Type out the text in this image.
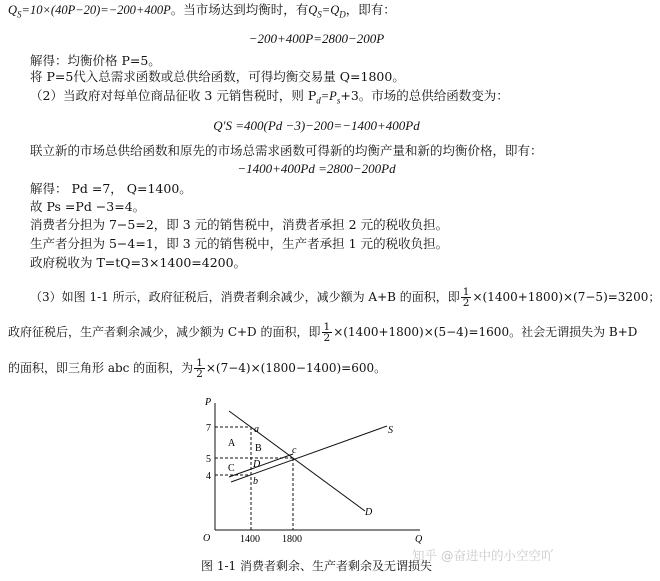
$Q_S=10\times(40P-20)=-200+400P$。当市场达到均衡时，有$Q_S=Q_D$，即有：
−200+400P=2800−200P
解得：均衡价格 P=5。
将 P=5代入总需求函数或总供给函数，可得均衡交易量 Q=1800。
（2）当政府对每单位商品征收 3 元销售税时，则 $P_d=P_s+3$。市场的总供给函数变为：
Q′S =400(Pd −3)−200=−1400+400Pd
联立新的市场总供给函数和原先的市场总需求函数可得新的均衡产量和新的均衡价格，即有：
−1400+400Pd =2800−200Pd
解得： Pd =7， Q=1400。
故 Ps =Pd −3=4。
消费者分担为 7−5=2，即 3 元的销售税中，消费者承担 2 元的税收负担。
生产者分担为 5−4=1，即 3 元的销售税中，生产者承担 1 元的税收负担。
政府税收为 T=tQ=3×1400=4200。
（3）如图 1-1 所示，政府征税后，消费者剩余减少，减少额为 A+B 的面积，即 $\frac{1}{2} \times(1400+1800)\times(7-5)=3200$；
政府征税后，生产者剩余减少，减少额为 C+D 的面积，即 $\frac{1}{2} \times(1400+1800)\times(5-4)=1600$。社会无谓损失为 B+D
的面积，即三角形 abc 的面积，为 $\frac{1}{2} \times(7-4)\times(1800-1400)=600$。
P
Q
O
7
5
4
1400 1800
A B
C D
a
b
c
S
D
图 1-1 消费者剩余、生产者剩余及无谓损失
知乎 @奋进中的小空空吖
